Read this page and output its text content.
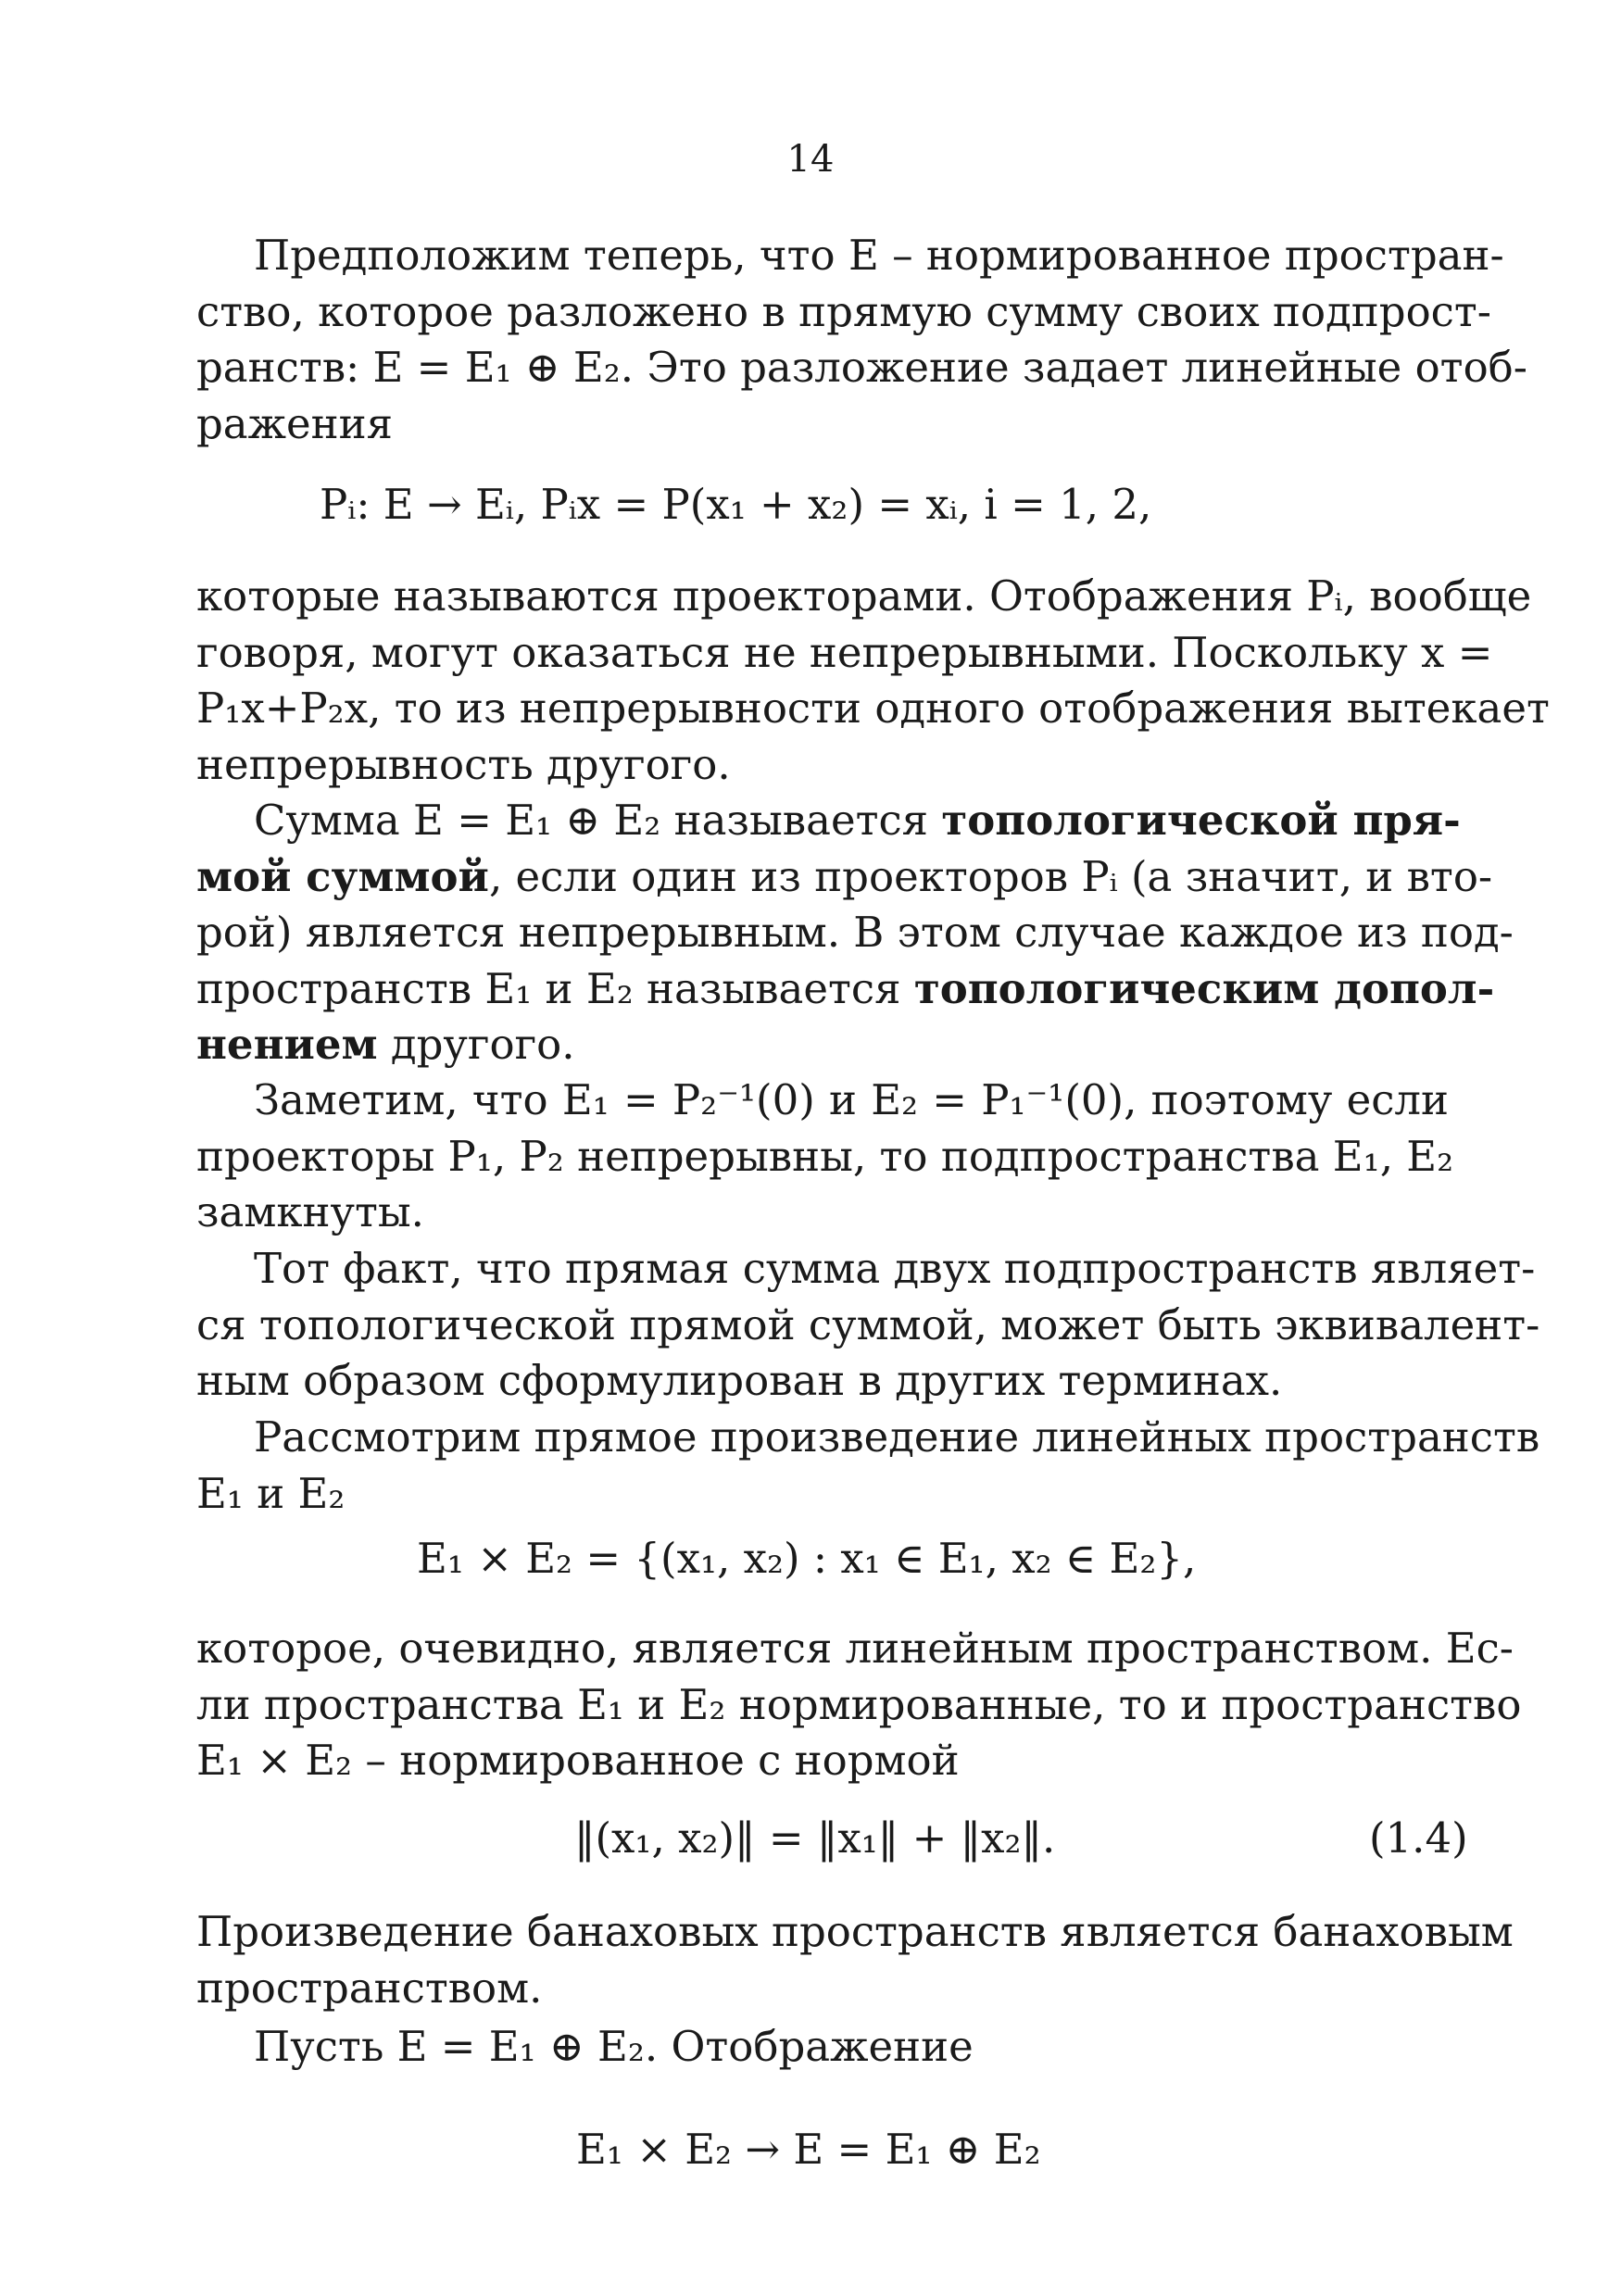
14
Предположим теперь, что E – нормированное простран-
ство, которое разложено в прямую сумму своих подпрост-
ранств: E = E₁ ⊕ E₂. Это разложение задает линейные отоб-
ражения
Pᵢ: E → Eᵢ, Pᵢx = P(x₁ + x₂) = xᵢ, i = 1, 2,
которые называются проекторами. Отображения Pᵢ, вообще
говоря, могут оказаться не непрерывными. Поскольку x =
P₁x+P₂x, то из непрерывности одного отображения вытекает
непрерывность другого.
Сумма E = E₁ ⊕ E₂ называется топологической пря-
мой суммой, если один из проекторов Pᵢ (а значит, и вто-
рой) является непрерывным. В этом случае каждое из под-
пространств E₁ и E₂ называется топологическим допол-
нением другого.
Заметим, что E₁ = P₂⁻¹(0) и E₂ = P₁⁻¹(0), поэтому если
проекторы P₁, P₂ непрерывны, то подпространства E₁, E₂
замкнуты.
Тот факт, что прямая сумма двух подпространств являет-
ся топологической прямой суммой, может быть эквивалент-
ным образом сформулирован в других терминах.
Рассмотрим прямое произведение линейных пространств
E₁ и E₂
E₁ × E₂ = {(x₁, x₂) : x₁ ∈ E₁, x₂ ∈ E₂},
которое, очевидно, является линейным пространством. Ес-
ли пространства E₁ и E₂ нормированные, то и пространство
E₁ × E₂ – нормированное с нормой
‖(x₁, x₂)‖ = ‖x₁‖ + ‖x₂‖.	(1.4)
Произведение банаховых пространств является банаховым
пространством.
Пусть E = E₁ ⊕ E₂. Отображение
E₁ × E₂ → E = E₁ ⊕ E₂
